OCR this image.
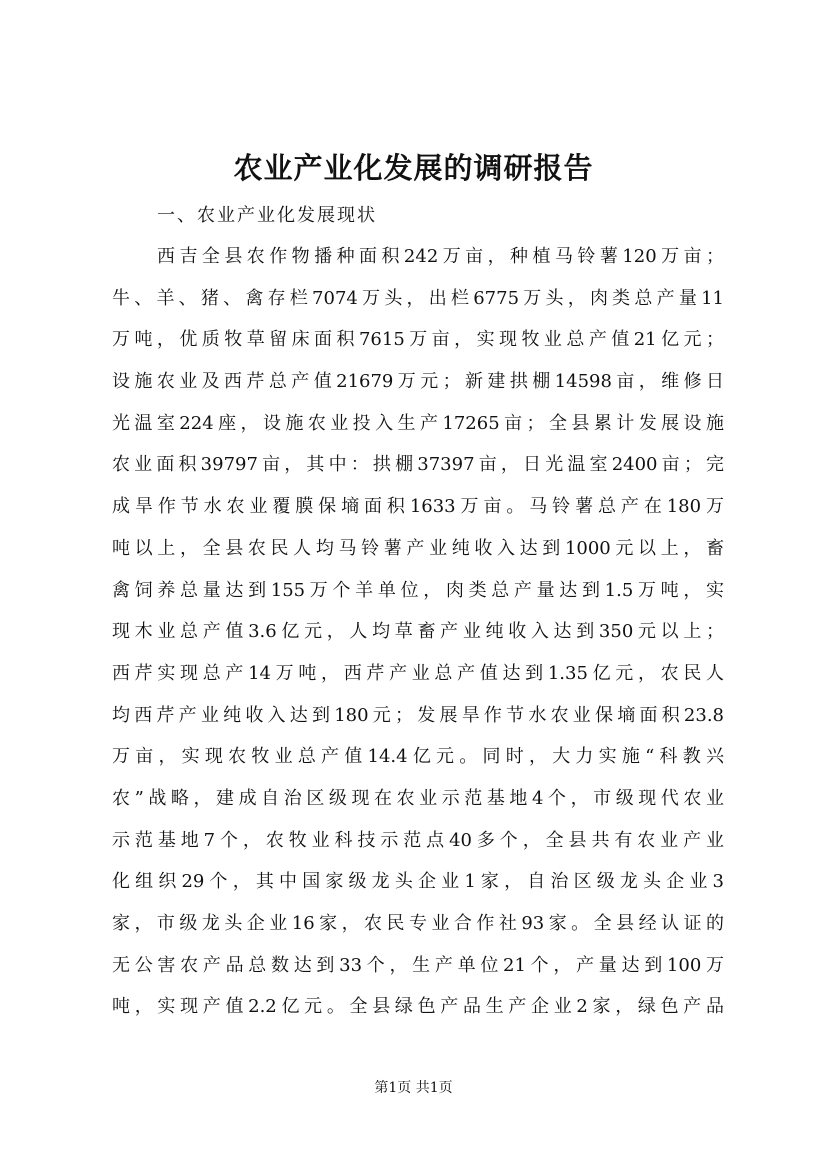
农业产业化发展的调研报告

一、农业产业化发展现状

西吉全县农作物播种面积242万亩，种植马铃薯120万亩；
牛、羊、猪、禽存栏7074万头，出栏6775万头，肉类总产量11
万吨，优质牧草留床面积7615万亩，实现牧业总产值21亿元；
设施农业及西芹总产值21679万元；新建拱棚14598亩，维修日
光温室224座，设施农业投入生产17265亩；全县累计发展设施
农业面积39797亩，其中：拱棚37397亩，日光温室2400亩；完
成旱作节水农业覆膜保墒面积1633万亩。马铃薯总产在180万
吨以上，全县农民人均马铃薯产业纯收入达到1000元以上，畜
禽饲养总量达到155万个羊单位，肉类总产量达到1.5万吨，实
现木业总产值3.6亿元，人均草畜产业纯收入达到350元以上；
西芹实现总产14万吨，西芹产业总产值达到1.35亿元，农民人
均西芹产业纯收入达到180元；发展旱作节水农业保墒面积23.8
万亩，实现农牧业总产值14.4亿元。同时，大力实施“科教兴
农”战略，建成自治区级现在农业示范基地4个，市级现代农业
示范基地7个，农牧业科技示范点40多个，全县共有农业产业
化组织29个，其中国家级龙头企业1家，自治区级龙头企业3
家，市级龙头企业16家，农民专业合作社93家。全县经认证的
无公害农产品总数达到33个，生产单位21个，产量达到100万
吨，实现产值2.2亿元。全县绿色产品生产企业2家，绿色产品

第1页 共1页
